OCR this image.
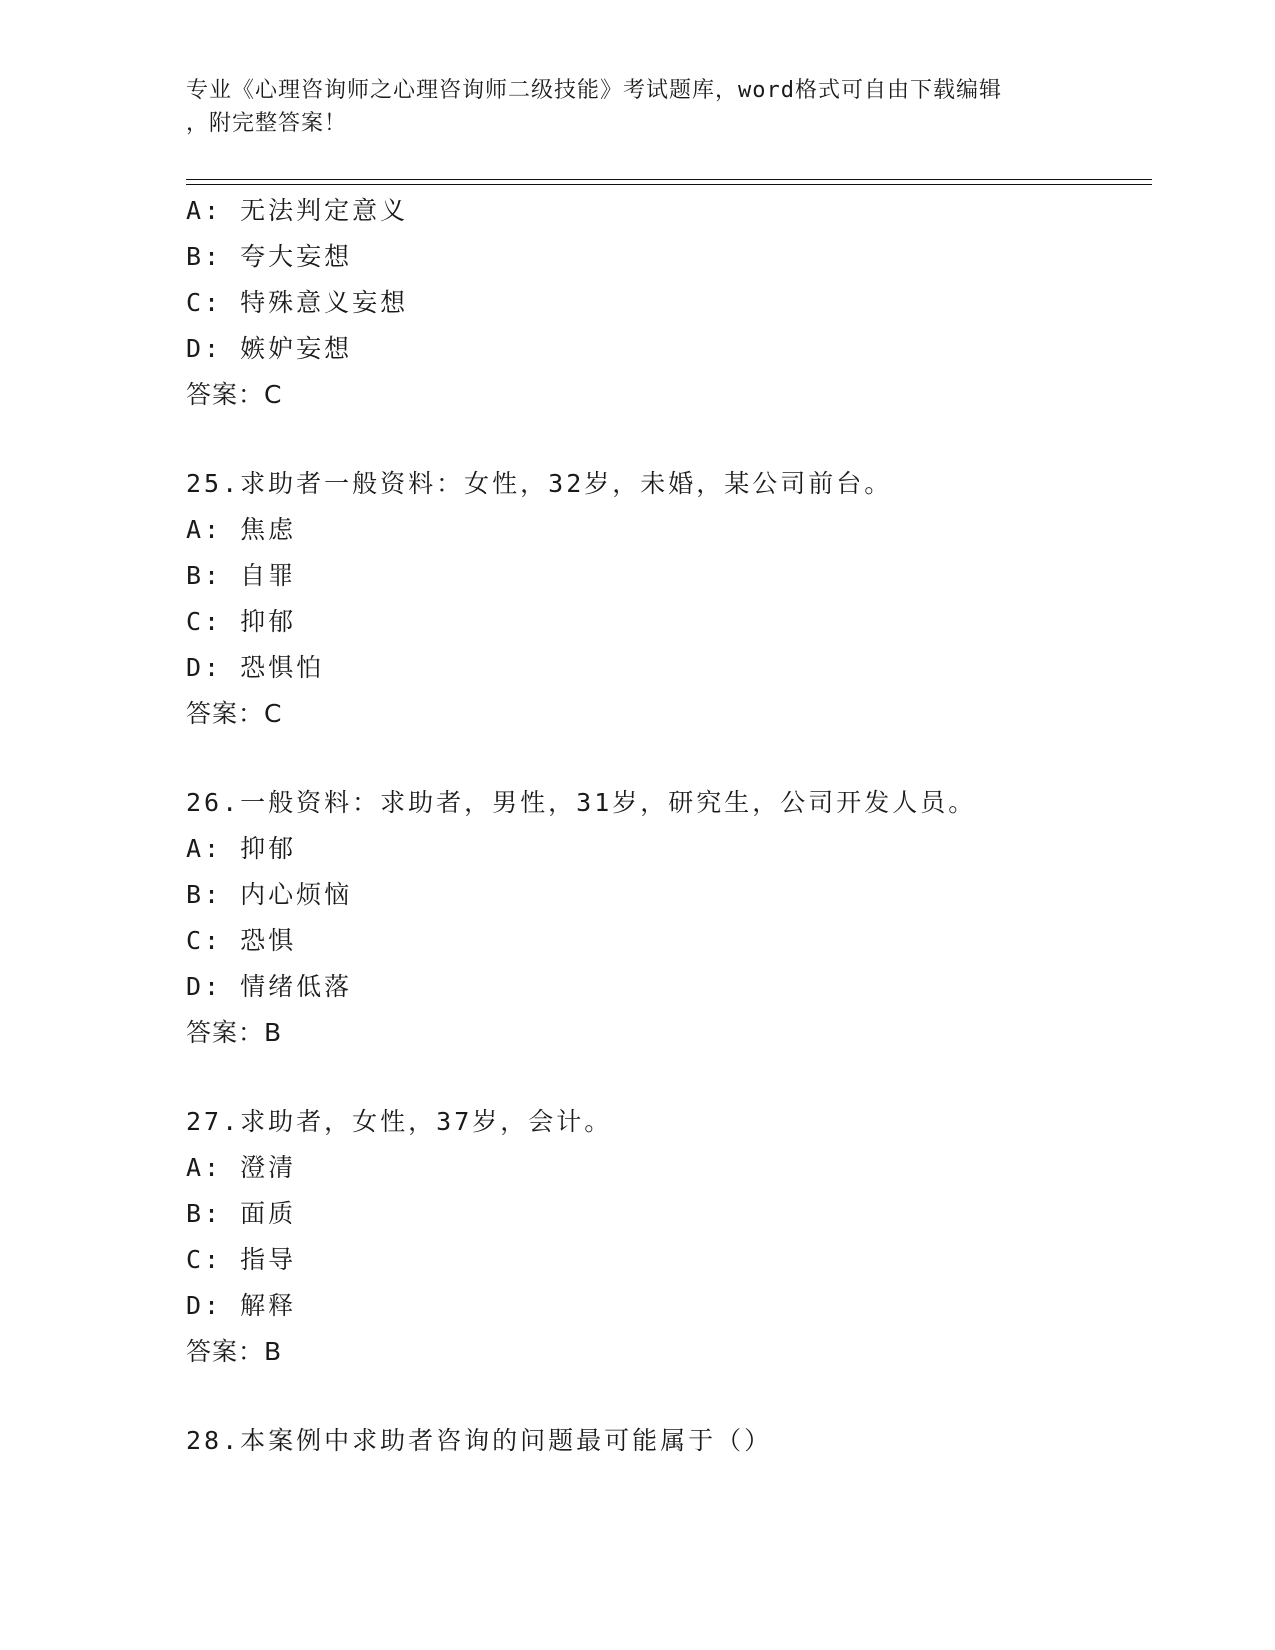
专业《心理咨询师之心理咨询师二级技能》考试题库，word格式可自由下载编辑
，附完整答案！
A: 无法判定意义
B: 夸大妄想
C: 特殊意义妄想
D: 嫉妒妄想
答案：C
25.求助者一般资料：女性，32岁，未婚，某公司前台。
A: 焦虑
B: 自罪
C: 抑郁
D: 恐惧怕
答案：C
26.一般资料：求助者，男性，31岁，研究生，公司开发人员。
A: 抑郁
B: 内心烦恼
C: 恐惧
D: 情绪低落
答案：B
27.求助者，女性，37岁，会计。
A: 澄清
B: 面质
C: 指导
D: 解释
答案：B
28.本案例中求助者咨询的问题最可能属于（）
